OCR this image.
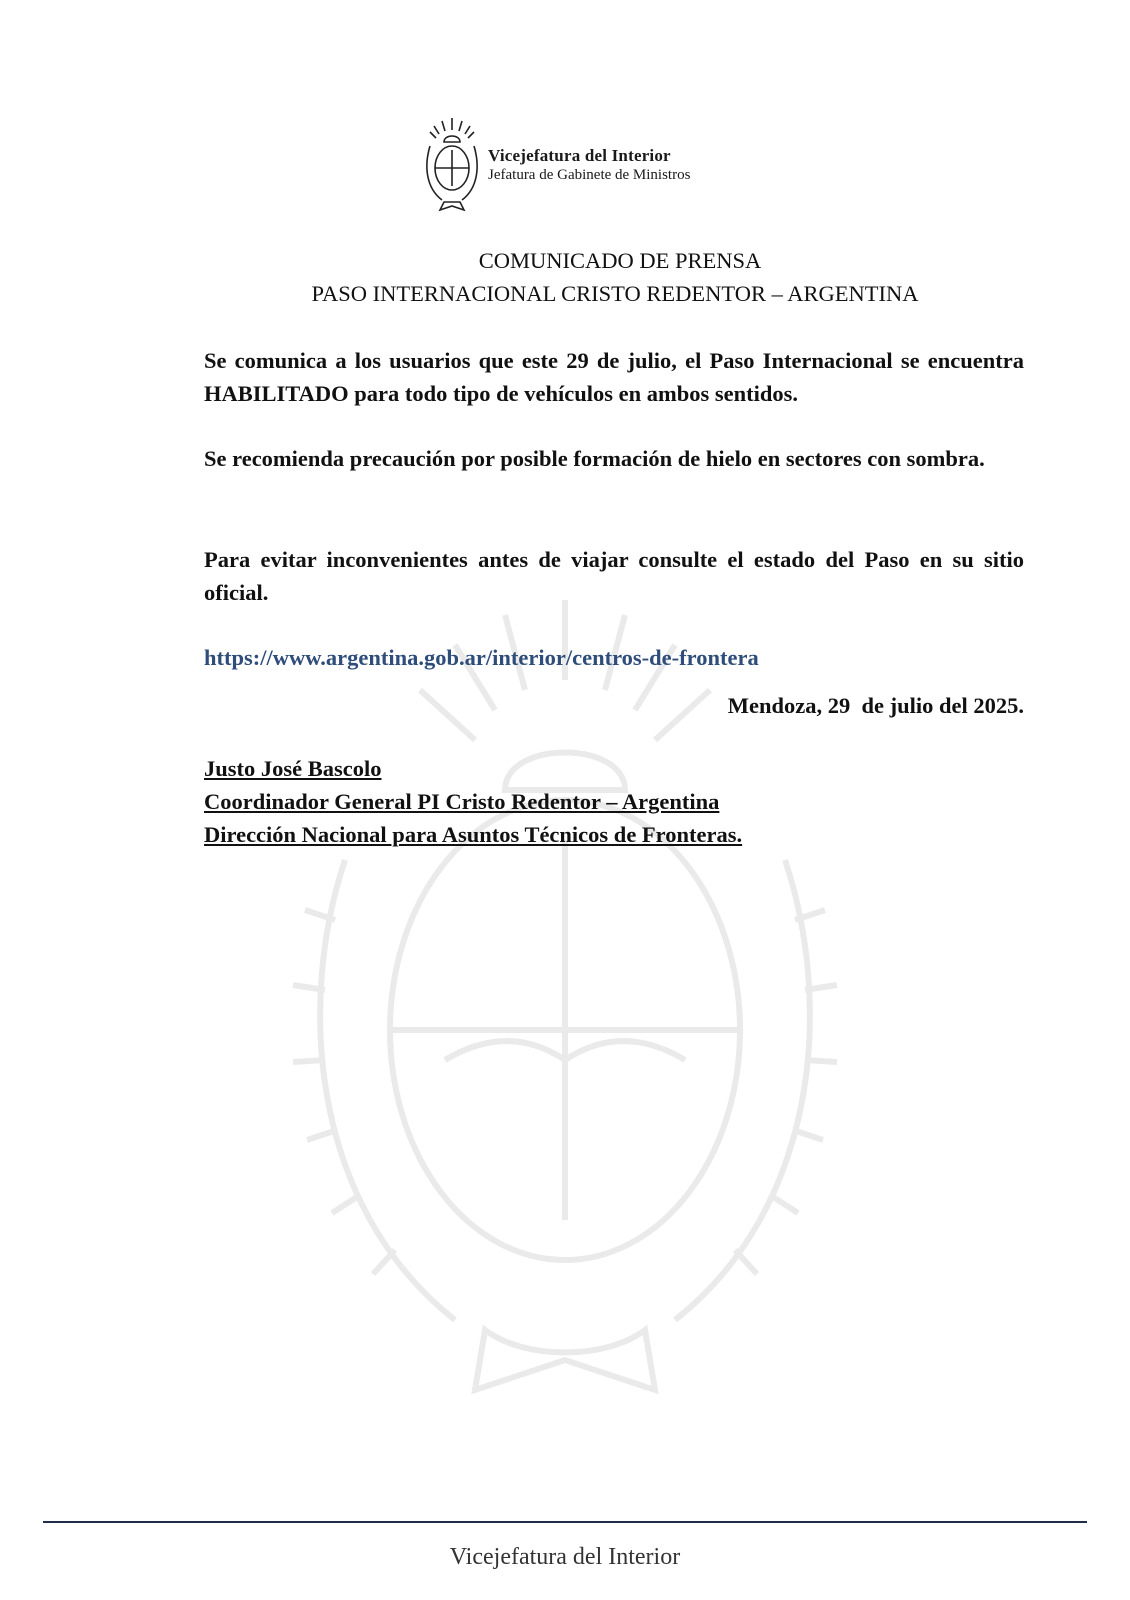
Vicejefatura del Interior
Jefatura de Gabinete de Ministros
COMUNICADO DE PRENSA
PASO INTERNACIONAL CRISTO REDENTOR – ARGENTINA
Se comunica a los usuarios que este 29 de julio, el Paso Internacional se encuentra HABILITADO para todo tipo de vehículos en ambos sentidos.
Se recomienda precaución por posible formación de hielo en sectores con sombra.
Para evitar inconvenientes antes de viajar consulte el estado del Paso en su sitio oficial.
https://www.argentina.gob.ar/interior/centros-de-frontera
Mendoza, 29  de julio del 2025.
Justo José Bascolo
Coordinador General PI Cristo Redentor – Argentina
Dirección Nacional para Asuntos Técnicos de Fronteras.
Vicejefatura del Interior
